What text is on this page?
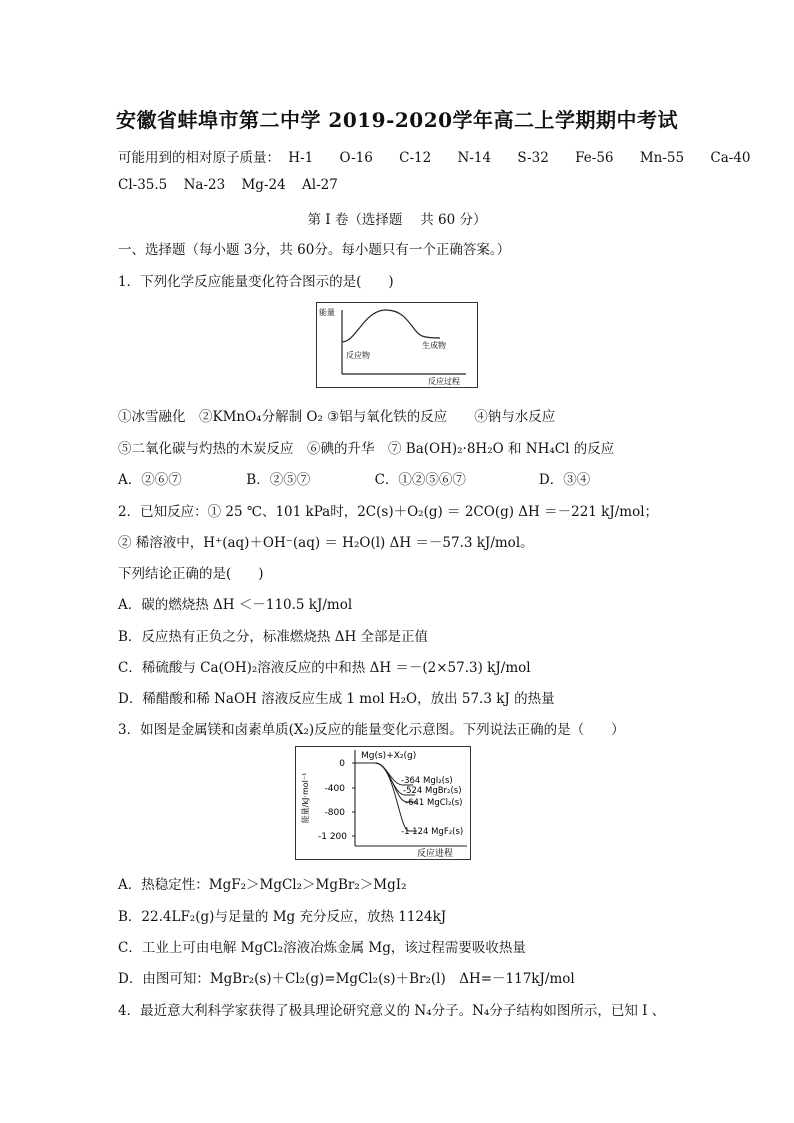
安徽省蚌埠市第二中学 2019-2020学年高二上学期期中考试
可能用到的相对原子质量： H-1 O-16 C-12 N-14 S-32 Fe-56 Mn-55 Ca-40
Cl-35.5 Na-23 Mg-24 Al-27
第 I 卷（选择题　 共 60 分）
一、选择题（每小题 3分，共 60分。每小题只有一个正确答案。）
1．下列化学反应能量变化符合图示的是(　　)
能量
反应物
生成物
反应过程
①冰雪融化　②KMnO₄分解制 O₂ ③铝与氧化铁的反应　　④钠与水反应
⑤二氧化碳与灼热的木炭反应　⑥碘的升华　⑦ Ba(OH)₂·8H₂O 和 NH₄Cl 的反应
A．②⑥⑦	B．②⑤⑦	C．①②⑤⑥⑦	D．③④
2．已知反应：① 25 ℃、101 kPa时，2C(s)＋O₂(g) ＝ 2CO(g) ΔH ＝－221 kJ/mol；
② 稀溶液中，H⁺(aq)＋OH⁻(aq) ＝ H₂O(l) ΔH ＝－57.3 kJ/mol。
下列结论正确的是(　　)
A．碳的燃烧热 ΔH ＜－110.5 kJ/mol
B．反应热有正负之分，标准燃烧热 ΔH 全部是正值
C．稀硫酸与 Ca(OH)₂溶液反应的中和热 ΔH ＝－(2×57.3) kJ/mol
D．稀醋酸和稀 NaOH 溶液反应生成 1 mol H₂O，放出 57.3 kJ 的热量
3．如图是金属镁和卤素单质(X₂)反应的能量变化示意图。下列说法正确的是（　　）
0
-400
-800
-1 200
能量/kJ·mol⁻¹
Mg(s)+X₂(g)
-364 MgI₂(s)
-524 MgBr₂(s)
-641 MgCl₂(s)
-1 124 MgF₂(s)
反应进程
A．热稳定性：MgF₂＞MgCl₂＞MgBr₂＞MgI₂
B．22.4LF₂(g)与足量的 Mg 充分反应，放热 1124kJ
C．工业上可由电解 MgCl₂溶液冶炼金属 Mg，该过程需要吸收热量
D．由图可知：MgBr₂(s)＋Cl₂(g)=MgCl₂(s)＋Br₂(l)　ΔH=－117kJ/mol
4．最近意大利科学家获得了极具理论研究意义的 N₄分子。N₄分子结构如图所示，已知 I 、
